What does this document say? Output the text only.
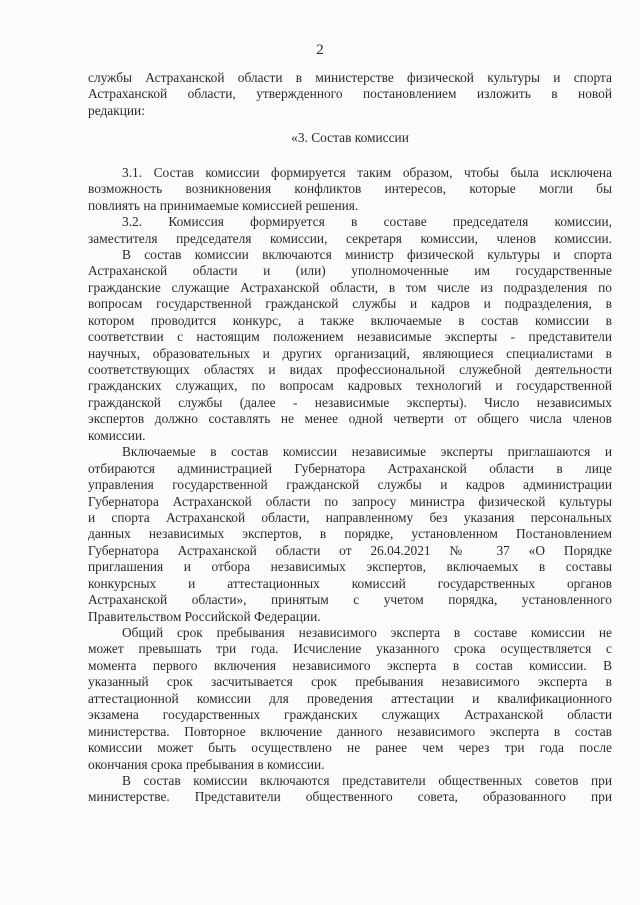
2
службы Астраханской области в министерстве физической культуры и спорта
Астраханской области, утвержденного постановлением изложить в новой
редакции:
«3. Состав комиссии
3.1. Состав комиссии формируется таким образом, чтобы была исключена
возможность возникновения конфликтов интересов, которые могли бы
повлиять на принимаемые комиссией решения.
3.2. Комиссия формируется в составе председателя комиссии,
заместителя председателя комиссии, секретаря комиссии, членов комиссии.
В состав комиссии включаются министр физической культуры и спорта
Астраханской области и (или) уполномоченные им государственные
гражданские служащие Астраханской области, в том числе из подразделения по
вопросам государственной гражданской службы и кадров и подразделения, в
котором проводится конкурс, а также включаемые в состав комиссии в
соответствии с настоящим положением независимые эксперты - представители
научных, образовательных и других организаций, являющиеся специалистами в
соответствующих областях и видах профессиональной служебной деятельности
гражданских служащих, по вопросам кадровых технологий и государственной
гражданской службы (далее - независимые эксперты). Число независимых
экспертов должно составлять не менее одной четверти от общего числа членов
комиссии.
Включаемые в состав комиссии независимые эксперты приглашаются и
отбираются администрацией Губернатора Астраханской области в лице
управления государственной гражданской службы и кадров администрации
Губернатора Астраханской области по запросу министра физической культуры
и спорта Астраханской области, направленному без указания персональных
данных независимых экспертов, в порядке, установленном Постановлением
Губернатора Астраханской области от 26.04.2021 № 37 «О Порядке
приглашения и отбора независимых экспертов, включаемых в составы
конкурсных и аттестационных комиссий государственных органов
Астраханской области», принятым с учетом порядка, установленного
Правительством Российской Федерации.
Общий срок пребывания независимого эксперта в составе комиссии не
может превышать три года. Исчисление указанного срока осуществляется с
момента первого включения независимого эксперта в состав комиссии. В
указанный срок засчитывается срок пребывания независимого эксперта в
аттестационной комиссии для проведения аттестации и квалификационного
экзамена государственных гражданских служащих Астраханской области
министерства. Повторное включение данного независимого эксперта в состав
комиссии может быть осуществлено не ранее чем через три года после
окончания срока пребывания в комиссии.
В состав комиссии включаются представители общественных советов при
министерстве. Представители общественного совета, образованного при
